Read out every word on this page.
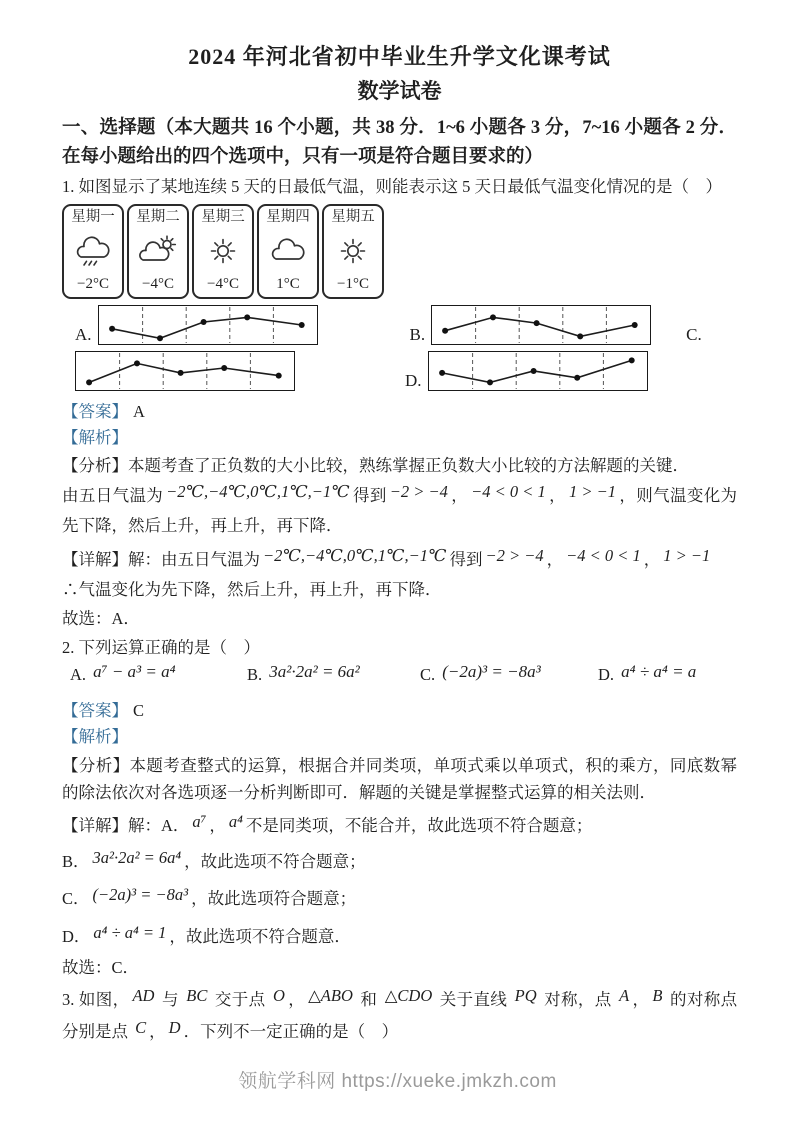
2024 年河北省初中毕业生升学文化课考试
数学试卷

一、选择题（本大题共 16 个小题，共 38 分．1~6 小题各 3 分，7~16 小题各 2 分．在每小题给出的四个选项中，只有一项是符合题目要求的）

1. 如图显示了某地连续 5 天的日最低气温，则能表示这 5 天日最低气温变化情况的是（　）

星期一
−2°C
星期二
−4°C
星期三
−4°C
星期四
1°C
星期五
−1°C
A.	B.	C.
D.

【答案】 A

【解析】

【分析】本题考查了正负数的大小比较，熟练掌握正负数大小比较的方法解题的关键．

由五日气温为 −2℃,−4℃,0℃,1℃,−1℃ 得到 −2 > −4 ， −4 < 0 < 1 ， 1 > −1 ，则气温变化为先下降，然后上升，再上升，再下降．

【详解】解：由五日气温为 −2℃,−4℃,0℃,1℃,−1℃ 得到 −2 > −4 ， −4 < 0 < 1 ， 1 > −1

∴气温变化为先下降，然后上升，再上升，再下降．

故选：A．

2. 下列运算正确的是（　）

A. a⁷ − a³ = a⁴	B. 3a²·2a² = 6a²	C. (−2a)³ = −8a³	D. a⁴ ÷ a⁴ = a

【答案】 C

【解析】

【分析】本题考查整式的运算，根据合并同类项，单项式乘以单项式，积的乘方，同底数幂的除法依次对各选项逐一分析判断即可．解题的关键是掌握整式运算的相关法则．

【详解】解：A． a⁷ ， a⁴ 不是同类项，不能合并，故此选项不符合题意；

B． 3a²·2a² = 6a⁴ ，故此选项不符合题意；

C． (−2a)³ = −8a³ ，故此选项符合题意；

D． a⁴ ÷ a⁴ = 1 ，故此选项不符合题意．

故选：C．

3. 如图， AD 与 BC 交于点 O ， △ABO 和 △CDO 关于直线 PQ 对称，点 A ， B 的对称点分别是点 C ， D ．下列不一定正确的是（　）

领航学科网 https://xueke.jmkzh.com
